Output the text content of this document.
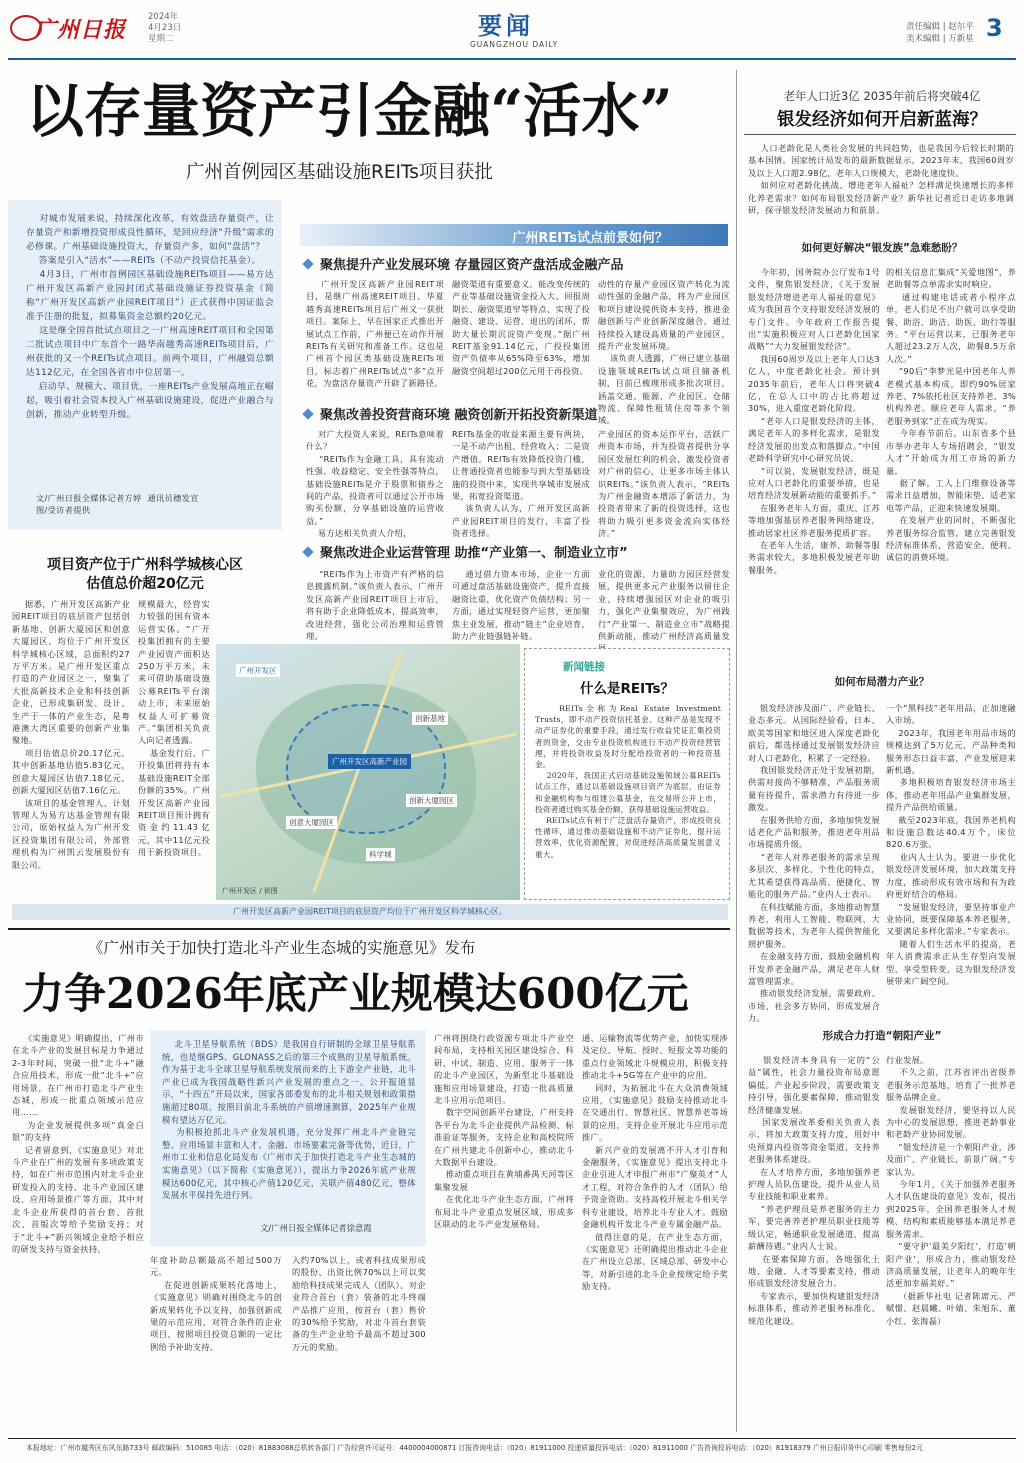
广州日报	2024年
4月23日
星期二	要闻
GUANGZHOU DAILY
责任编辑 | 赵尔平
美术编辑 | 万新星 3
以存量资产引金融“活水”
广州首例园区基础设施REITs项目获批
对城市发展来说，持续深化改革，有效盘活存量资产，让存量资产和新增投资形成良性循环，是回应经济“升级”需求的必修课。广州基础设施投资大，存量资产多，如何“盘活”？
答案是引入“活水”——REITs（不动产投资信托基金）。
4月3日，广州市首例园区基础设施REITs项目——易方达广州开发区高新产业园封闭式基础设施证券投资基金（简称“广州开发区高新产业园REIT项目”）正式获得中国证监会准予注册的批复，拟募集资金总额约20亿元。
这是继全国首批试点项目之一广州高速REIT项目和全国第二批试点项目中广东首个一路华南越秀高速REITs项目后，广州获批的又一个REITs试点项目。前两个项目，广州融资总额达112亿元，在全国各省市中位居第一。
启动早、规模大、项目优，一座REITs产业发展高地正在崛起，吸引着社会资本投入广州基础设施建设，促进产业融合与创新，推动产业转型升级。
文/广州日报全媒体记者方婷  通讯员穗发宣
图/受访者提供
广州REITs试点前景如何？
聚焦提升产业发展环境 存量园区资产盘活成金融产品
广州开发区高新产业园REIT项目，是继广州高速REIT项目、华夏越秀高速REITs项目后广州又一获批项目。案际上，早在国家正式推出开展试点工作前，广州便已在动作开展REITs有关研究和准备工作。这也是广州首个园区类基础设施REITs项目，标志着广州REITs试点“多”点开花，为盘活存量资产开辟了新路径。
融资渠道有重要意义。能改变传统的产业等基础设施资金投入大、回报周期长、融资渠道窄等特点，实现了投融资、建设、运营、退出的闭环，帮助大量长期沉淀资产变现。”据广州REIT基金91.14亿元，广投投集团资产负债率从65%降至63%，增加融资空间超过200亿元用于再投资。
动性的存量产业园区资产转化为流动性强的金融产品，将为产业园区和项目建设提供资本支持，推进金融创新与产业创新深度融合，通过持续投入建设高质量的产业园区，提升产业发展环境。
该负责人透露，广州已建立基础设施领域REITs试点项目储备机制，目前已梳理形成多批次项目，涵盖交通、能源、产业园区、仓储物流、保障性租赁住房等多个领域。
聚焦改善投资营商环境 融资创新开拓投资新渠道
对广大投资人来说，REITs意味着什么？
“REITs作为金融工具，具有流动性强、收益稳定、安全性强等特点，基础设施REITs是介于股票和债券之间的产品，投资者可以通过公开市场购买份额，分享基础设施的运营收益。”
易方达相关负责人介绍，
REITs基金的收益来源主要有两块，一是不动产出租、经营收入；二是资产增值。REITs有效降低投资门槛，让普通投资者也能参与到大型基础设施的投资中来，实现共享城市发展成果，拓宽投资渠道。
该负责人认为，广州开发区高新产业园REIT项目的发行，丰富了投资者选择。
产业园区的资本运作平台，活跃广州资本市场，并为投资者提供分享园区发展红利的机会，激发投资者对广州的信心，让更多市场主体认识REITs。”该负责人表示，“REITs为广州金融资本增添了新活力，为投资者带来了新的投资选择，这也将助力吸引更多资金流向实体经济。”
聚焦改进企业运营管理 助推“产业第一、制造业立市”
“REITs作为上市资产有严格的信息披露机制。”该负责人表示，广州开发区高新产业园REIT项目上市后，将有助于企业降低成本，提高效率，改进经营，强化公司治理和运营管理。
通过借力资本市场，企业一方面可通过盘活基础设施资产，提升直接融资比重，优化资产负债结构；另一方面，通过实现轻资产运营，更加聚焦主业发展，推动“链主”企业培育，助力产业链强链补链。
业化的资源、力量助力园区经营发展，提供更多元产业服务以留住企业，持续增强园区对企业的吸引力，强化产业集聚效应，为广州践行“产业第一、制造业立市”战略提供新动能，推动广州经济高质量发
项目资产位于广州科学城核心区
估值总价超20亿元
据悉，广州开发区高新产业园REIT项目的底层资产包括创新基地、创新大厦园区和创意大厦园区，均位于广州开发区科学城核心区域，总面积约27万平方米。是广州开发区重点打造的产业园区之一，聚集了大批高新技术企业和科技创新企业，已形成集研发、设计、生产于一体的产业生态，是粤港澳大湾区重要的创新产业集聚地。
项目估值总价20.17亿元，其中创新基地估值5.83亿元，创意大厦园区估值7.18亿元，创新大厦园区估值7.16亿元。
该项目的基金管理人、计划管理人为易方达基金管理有限公司，原始权益人为广州开发区投资集团有限公司，外部管理机构为广州凯云发展股份有限公司。
规模最大，经营实力较强的国有资本运营实体。“广开投集团拥有的主要产业园资产面积达250万平方米，未来可借助基础设施公募REITs平台滚动上市，未来原始权益人可扩募资产。”集团相关负责人向记者透露。
基金发行后，广开投集团将持有本基础设施REIT全部份额的35%。广州开发区高新产业园REIT项目预计拥有资金约11.43亿元，其中11亿元投用于新投资项目。
广州开发区高新产业园
广州开发区
创新基地
创意大厦园区
创新大厦园区
科学城
广州开发区 / 供图
新闻链接
什么是REITs？
REITs全称为Real Estate Investment Trusts，即不动产投资信托基金。这种产品是发现不动产证券化的重要手段，通过发行收益凭证汇集投资者的资金，交由专业投资机构进行不动产投资经营管理，并将投资收益及时分配给投资者的一种投资基金。
2020年，我国正式启动基础设施领域公募REITs试点工作，通过以基础设施项目资产为底层，由证券和金融机构参与组建公募基金，在交易所公开上市，投资者通过购买基金份额，获得基础设施运营收益。
REITs试点有利于广泛盘活存量资产，形成投资良性循环，通过推动基础设施和不动产证券化，提升运营效率，优化资源配置，对促进经济高质量发展意义重大。
广州开发区高新产业园REIT项目的底层资产均位于广州开发区科学城核心区。
《广州市关于加快打造北斗产业生态城的实施意见》发布
力争2026年底产业规模达600亿元
《实施意见》明确提出，广州市在北斗产业的发展目标是力争通过2-3年时间，突破一批“北斗+”融合应用技术，形成一批“北斗+”应用场景，在广州市打造北斗产业生态城，形成一批重点领域示范应用……
为企业发展提供多项“真金白银”的支持
记者留意到，《实施意见》对北斗产业在广州的发展有多项政策支持，如在广州市范围内对北斗企业研发投入的支持、北斗产业园区建设、应用场景推广等方面，其中对北斗企业所获得的首台套、首批次、首版次等给予奖励支持；对于“北斗+”新兴领域企业给予相应的研发支持与资金扶持。
北斗卫星导航系统（BDS）是我国自行研制的全球卫星导航系统，也是继GPS、GLONASS之后的第三个成熟的卫星导航系统。作为基于北斗全球卫星导航系统发展而来的上下游全产业链，北斗产业已成为我国战略性新兴产业发展的重点之一。公开报道显示，“十四五”开局以来，国家各部委发布的北斗相关规划和政策措施超过80项。按照目前北斗系统的产值增速测算，2025年产业规模有望达万亿元。
为积极抢抓北斗产业发展机遇，充分发挥广州北斗产业链完整、应用场景丰富和人才、金融、市场要素完备等优势，近日，广州市工业和信息化局发布《广州市关于加快打造北斗产业生态城的实施意见》（以下简称《实施意见》），提出力争2026年底产业规模达600亿元，其中核心产值120亿元，关联产值480亿元，整体发展水平保持先进行列。
文/广州日报全媒体记者徐意霞
年度补助总额最高不超过500万元。
在促进创新成果转化落地上，《实施意见》明确对围绕北斗的创新成果转化予以支持，加强创新成果的示范应用，对符合条件的企业项目，按照项目投资总额的一定比例给予补助支持。
入约70%以上，或者科技成果形成的股份、出资比例70%以上可以奖励给科技成果完成人（团队）。对企业符合首台（套）装备的北斗终端产品推广应用，按首台（套）售价的30%给予奖励，对北斗首台套装备的生产企业给予最高不超过300万元的奖励。
广州将围绕行政资源专项北斗产业空间布局，支持相关园区建设综合、科研、中试、制造、应用、服务于一体的北斗产业园区，为新型北斗基础设施和应用场景建设，打造一批高质量北斗应用示范项目。
数字空间创新平台建设，广州支持各平台为北斗企业提供产品检测、标准验证等服务，支持企业和高校院所在广州共建北斗创新中心，推动北斗大数据平台建设。
推动重点项目在黄埔番禺天河等区集聚发展
在优化北斗产业生态方面，广州将布局北斗产业重点发展区域，形成多区联动的北斗产业发展格局。
通、运输物流等优势产业，加快实现涉及定位、导航、授时、短报文等功能的重点行业领域北斗规模应用，积极支持推动北斗+5G等在产业中的应用。
同时，为拓展北斗在大众消费领域应用，《实施意见》鼓励支持推动北斗在交通出行、智慧社区、智慧养老等场景的应用，支持企业开展北斗应用示范推广。
新兴产业的发展离不开人才引育和金融服务，《实施意见》提出支持北斗企业引进人才申报广州市“广聚英才”人才工程，对符合条件的人才（团队）给予资金资助。支持高校开展北斗相关学科专业建设，培养北斗专业人才。鼓励金融机构开发北斗产业专属金融产品。
值得注意的是，在产业生态方面，《实施意见》还明确提出推动北斗企业在广州设立总部、区域总部、研发中心等，对新引进的北斗企业按规定给予奖励支持。
老年人口近3亿 2035年前后将突破4亿
银发经济如何开启新蓝海？
人口老龄化是人类社会发展的共同趋势，也是我国今后较长时期的基本国情。国家统计局发布的最新数据显示，2023年末，我国60周岁及以上人口超2.98亿，老年人口规模大，老龄化速度快。
如何应对老龄化挑战、增进老年人福祉？怎样满足快速增长的多样化养老需求？如何布局银发经济新产业？新华社记者近日走访多地调研，探寻银发经济发展动力和前景。
如何更好解决“银发族”急难愁盼？
今年初，国务院办公厅发布1号文件，聚焦银发经济，《关于发展银发经济增进老年人福祉的意见》成为我国首个支持银发经济发展的专门文件。今年政府工作报告提出“实施积极应对人口老龄化国家战略”“大力发展银发经济”。
我国60周岁及以上老年人口达3亿人，中度老龄化社会。预计到2035年前后，老年人口将突破4亿，在总人口中的占比将超过30%，进入重度老龄化阶段。
“老年人口是银发经济的主体，满足老年人的多样化需求，是银发经济发展的出发点和落脚点。”中国老龄科学研究中心研究员说。
“可以说，发展银发经济，既是应对人口老龄化的重要举措，也是培育经济发展新动能的重要抓手。”
在服务老年人方面，重庆、江苏等地加强基层养老服务网络建设，推动居家社区养老服务提质扩容。
在老年人生活，康养、助餐等服务需求较大，多地积极发展老年助餐服务。
的相关信息汇集成“关爱地图”，养老助餐等点单需求实时响应。
通过构建电话或者小程序点单，老人们足不出户就可以享受助餐、助浴、助洁、助医、助行等服务。“平台运营以来，已服务老年人超过23.2万人次，助餐8.5万余人次。”
“90后”李梦光是中国老年人养老模式基本构成，即约90%居家养老、7%依托社区支持养老、3%机构养老。顺应老年人需求，“养老服务到家”正在成为现实。
今年春节前后，山东省多个县市举办老年人专场招聘会，“银发人才”开始成为用工市场的新力量。
据了解，工人上门维修设备等需求日益增加，智能床垫、适老家电等产品，正迎来快速发展期。
在发展产业的同时，不断强化养老服务综合监管，建立完善银发经济标准体系，营造安全、便利、诚信的消费环境。
如何布局潜力产业？
银发经济涉及面广、产业链长、业态多元。从国际经验看，日本、欧美等国家和地区进入深度老龄化前后，都选择通过发展银发经济应对人口老龄化，积累了一定经验。
我国银发经济正处于发展初期，供需对接尚不够精准，产品服务质量有待提升，需求潜力有待进一步激发。
在服务供给方面，多地加快发展适老化产品和服务，推进老年用品市场提质升级。
“老年人对养老服务的需求呈现多层次、多样化、个性化的特点，尤其希望获得高品质、便捷化、智能化的服务产品。”业内人士表示。
在科技赋能方面，多地推动智慧养老，利用人工智能、物联网、大数据等技术，为老年人提供智能化照护服务。
在金融支持方面，鼓励金融机构开发养老金融产品，满足老年人财富管理需求。
推动银发经济发展，需要政府、市场、社会多方协同，形成发展合力。
一个“黑科技”老年用品，正加速融入市场。
2023年，我国老年用品市场的规模达到了5万亿元，产品种类和服务形态日益丰富，产业发展迎来新机遇。
多地积极培育银发经济市场主体，推动老年用品产业集群发展，提升产品供给质量。
截至2023年底，我国养老机构和设施总数达40.4万个，床位820.6万张。
业内人士认为，要进一步优化银发经济发展环境，加大政策支持力度，推动形成有效市场和有为政府更好结合的格局。
“发展银发经济，要坚持事业产业协同，既要保障基本养老服务，又要满足多样化需求。”专家表示。
随着人们生活水平的提高，老年人消费需求正从生存型向发展型、享受型转变，这为银发经济发展带来广阔空间。
形成合力打造“朝阳产业”
银发经济本身具有一定的“公益”属性，社会力量投资布局意愿偏低。产业起步阶段，需要政策支持引导，强化要素保障，推动银发经济健康发展。
国家发展改革委相关负责人表示，将加大政策支持力度，用好中央预算内投资等资金渠道，支持养老服务体系建设。
在人才培养方面，多地加强养老护理人员队伍建设，提升从业人员专业技能和职业素养。
“养老护理员是养老服务的主力军，要完善养老护理员职业技能等级认定，畅通职业发展通道，提高薪酬待遇。”业内人士说。
在要素保障方面，各地强化土地、金融、人才等要素支持，推动形成银发经济发展合力。
专家表示，要加快构建银发经济标准体系，推动养老服务标准化、规范化建设。
行业发展。
不久之前，江苏省评出省级养老服务示范基地，培育了一批养老服务品牌企业。
发展银发经济，要坚持以人民为中心的发展思想，推进老龄事业和老龄产业协同发展。
“银发经济是一个朝阳产业，涉及面广、产业链长，前景广阔。”专家认为。
今年1月，《关于加强养老服务人才队伍建设的意见》发布，提出到2025年，全国养老服务人才规模、结构和素质能够基本满足养老服务需求。
“要守护‘最美夕阳红’，打造‘朝阳产业’，形成合力，推动银发经济高质量发展，让老年人的晚年生活更加幸福美好。”
（据新华社电 记者陈席元、严赋憬、赵晨曦、叶婧、朱旭东、董小红、张海磊）
本报地址：广州市越秀区东风东路733号 邮政编码：510085 电话：（020）81883088总机转各部门 广告经营许可证号：4400004000871 订报咨询电话：（020）81911000 投递质量投诉电话：（020）81911000 广告咨询投诉电话：（020）81918379 广州日报印务中心印刷 零售每份2元
